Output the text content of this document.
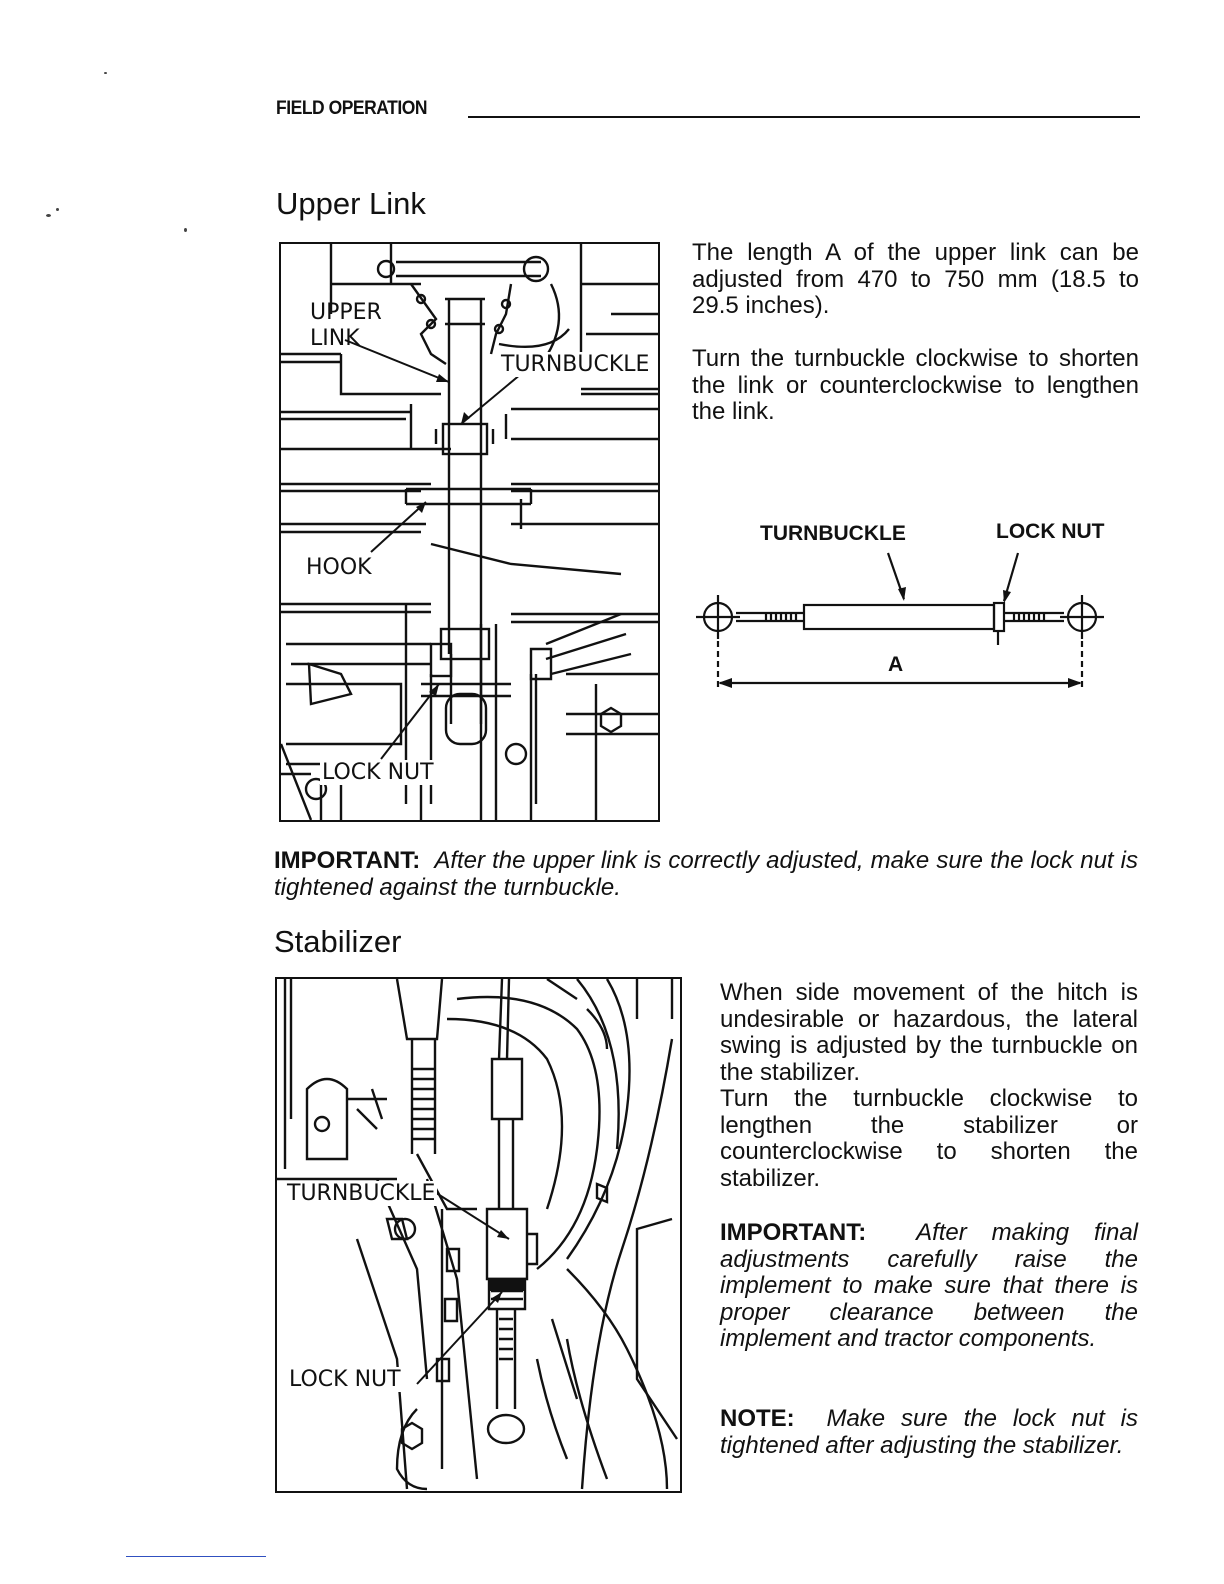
FIELD OPERATION
Upper Link
UPPER
LINK
TURNBUCKLE
HOOK
LOCK NUT
The length A of the upper link can be adjusted from 470 to 750 mm (18.5 to 29.5 inches).
Turn the turnbuckle clockwise to shorten the link or counterclockwise to lengthen the link.
TURNBUCKLE	LOCK NUT
A
IMPORTANT: After the upper link is correctly adjusted, make sure the lock nut is tightened against the turnbuckle.
Stabilizer
TURNBUCKLE
LOCK NUT
When side movement of the hitch is undesirable or hazardous, the lateral swing is adjusted by the turnbuckle on the stabilizer.
Turn the turnbuckle clockwise to lengthen the stabilizer or counterclockwise to shorten the stabilizer.
IMPORTANT: After making final adjustments carefully raise the implement to make sure that there is proper clearance between the implement and tractor components.
NOTE: Make sure the lock nut is tightened after adjusting the stabilizer.
